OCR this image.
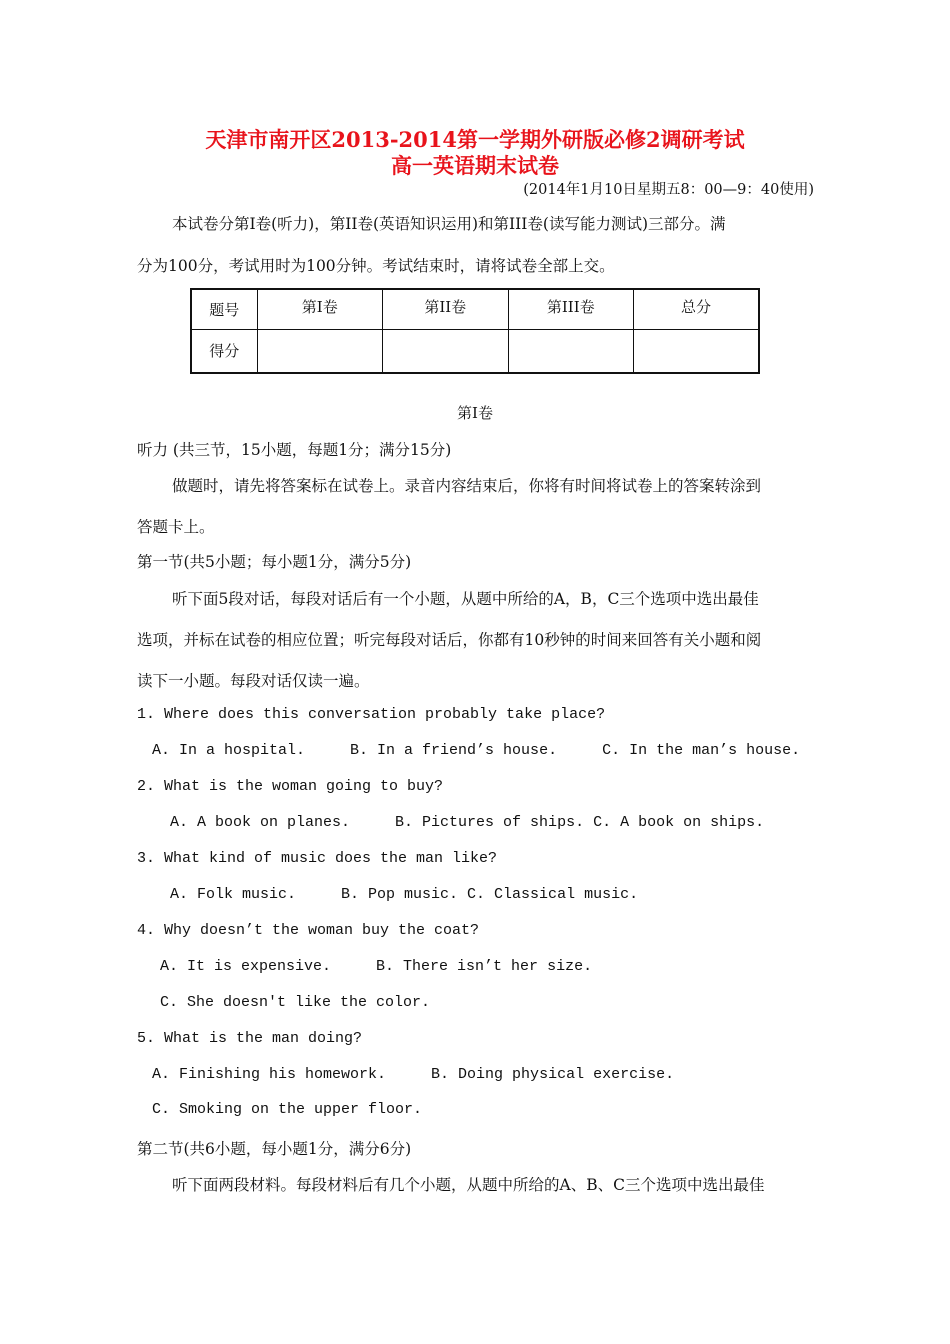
天津市南开区2013-2014第一学期外研版必修2调研考试
高一英语期末试卷
(2014年1月10日星期五8：00—9：40使用)
本试卷分第I卷(听力)，第II卷(英语知识运用)和第III卷(读写能力测试)三部分。满
分为100分，考试用时为100分钟。考试结束时，请将试卷全部上交。
题号	第I卷	第II卷	第III卷	总分
得分				
第I卷
听力 (共三节，15小题，每题1分；满分15分)
做题时，请先将答案标在试卷上。录音内容结束后，你将有时间将试卷上的答案转涂到
答题卡上。
第一节(共5小题；每小题1分，满分5分)
听下面5段对话，每段对话后有一个小题，从题中所给的A，B，C三个选项中选出最佳
选项，并标在试卷的相应位置；听完每段对话后，你都有10秒钟的时间来回答有关小题和阅
读下一小题。每段对话仅读一遍。
1. Where does this conversation probably take place?
A. In a hospital.     B. In a friend’s house.     C. In the man’s house.
2. What is the woman going to buy?
A. A book on planes.     B. Pictures of ships. C. A book on ships.
3. What kind of music does the man like?
A. Folk music.     B. Pop music. C. Classical music.
4. Why doesn’t the woman buy the coat?
A. It is expensive.     B. There isn’t her size.
C. She doesn't like the color.
5. What is the man doing?
A. Finishing his homework.     B. Doing physical exercise.
C. Smoking on the upper floor.
第二节(共6小题，每小题1分，满分6分)
听下面两段材料。每段材料后有几个小题，从题中所给的A、B、C三个选项中选出最佳
